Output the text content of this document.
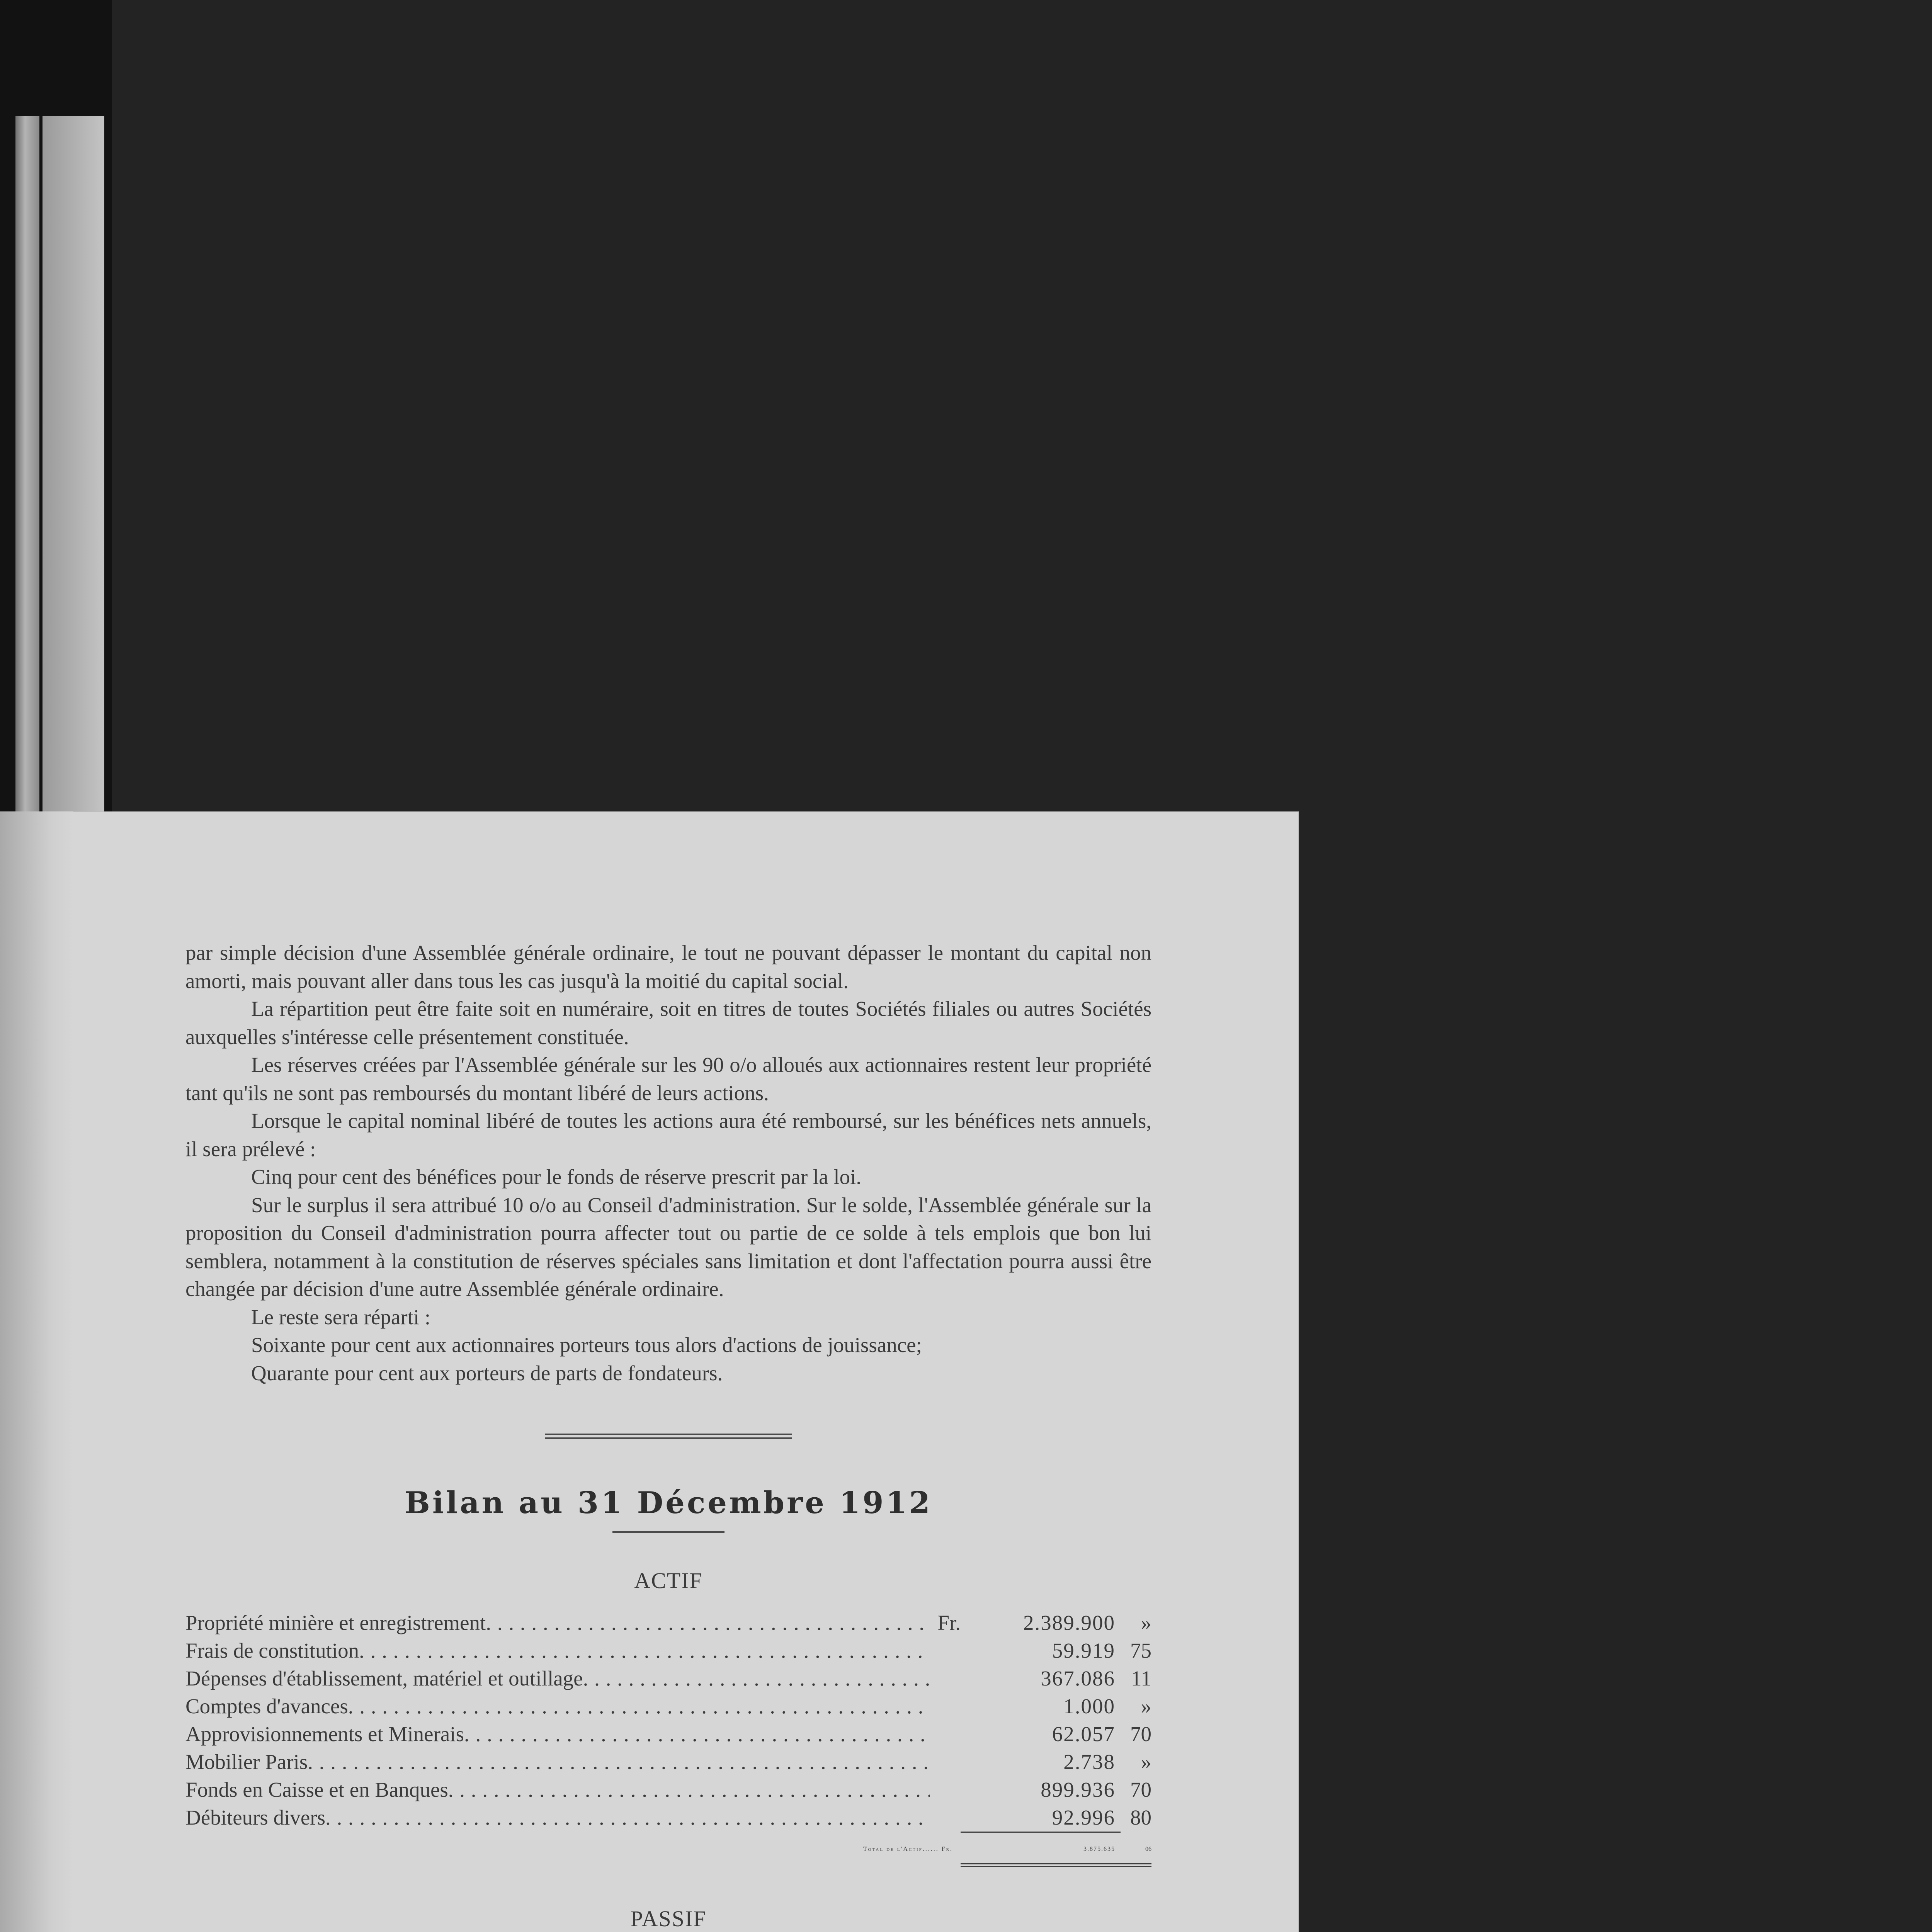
par simple décision d'une Assemblée générale ordinaire, le tout ne pouvant dépasser le montant du capital non amorti, mais pouvant aller dans tous les cas jusqu'à la moitié du capital social.

La répartition peut être faite soit en numéraire, soit en titres de toutes Sociétés filiales ou autres Sociétés auxquelles s'intéresse celle présentement constituée.

Les réserves créées par l'Assemblée générale sur les 90 o/o alloués aux actionnaires restent leur propriété tant qu'ils ne sont pas remboursés du montant libéré de leurs actions.

Lorsque le capital nominal libéré de toutes les actions aura été remboursé, sur les bénéfices nets annuels, il sera prélevé :

Cinq pour cent des bénéfices pour le fonds de réserve prescrit par la loi.

Sur le surplus il sera attribué 10 o/o au Conseil d'administration. Sur le solde, l'Assemblée générale sur la proposition du Conseil d'administration pourra affecter tout ou partie de ce solde à tels emplois que bon lui semblera, notamment à la constitution de réserves spéciales sans limitation et dont l'affectation pourra aussi être changée par décision d'une autre Assemblée générale ordinaire.

Le reste sera réparti :

Soixante pour cent aux actionnaires porteurs tous alors d'actions de jouissance;

Quarante pour cent aux porteurs de parts de fondateurs.

Bilan au 31 Décembre 1912
ACTIF
Propriété minière et enregistrement . . .	Fr.	2.389.900	»
Frais de constitution . . .	59.919 75
Dépenses d'établissement, matériel et outillage . . .	367.086 11
Comptes d'avances . . .	1.000	»
Approvisionnements et Minerais . . .	62.057 70
Mobilier Paris . . .	2.738	»
Fonds en Caisse et en Banques . . .	899.936 70
Débiteurs divers . . .	92.996 80
Total de l'Actif...... Fr.	3.875.635	06
PASSIF
